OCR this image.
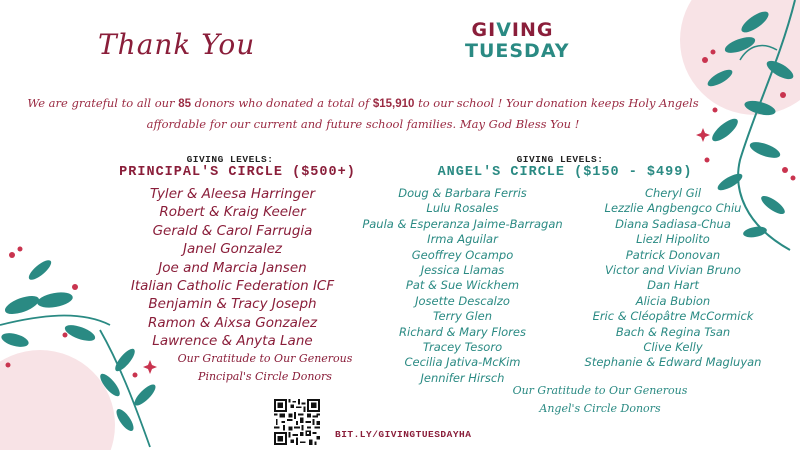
Thank You	GIVING
TUESDAY
We are grateful to all our 85 donors who donated a total of $15,910 to our school ! Your donation keeps Holy Angels affordable for our current and future school families. May God Bless You !
GIVING LEVELS:
PRINCIPAL'S CIRCLE ($500+)
Tyler & Aleesa Harringer
Robert & Kraig Keeler
Gerald & Carol Farrugia
Janel Gonzalez
Joe and Marcia Jansen
Italian Catholic Federation ICF
Benjamin & Tracy Joseph
Ramon & Aixsa Gonzalez
Lawrence & Anyta Lane
Our Gratitude to Our Generous
Pincipal's Circle Donors
GIVING LEVELS:
ANGEL'S CIRCLE ($150 - $499)
Doug & Barbara Ferris
Lulu Rosales
Paula & Esperanza Jaime-Barragan
Irma Aguilar
Geoffrey Ocampo
Jessica Llamas
Pat & Sue Wickhem
Josette Descalzo
Terry Glen
Richard & Mary Flores
Tracey Tesoro
Cecilia Jativa-McKim
Jennifer Hirsch
Cheryl Gil
Lezzlie Angbengco Chiu
Diana Sadiasa-Chua
Liezl Hipolito
Patrick Donovan
Victor and Vivian Bruno
Dan Hart
Alicia Bubion
Eric & Cléopâtre McCormick
Bach & Regina Tsan
Clive Kelly
Stephanie & Edward Magluyan
Our Gratitude to Our Generous
Angel's Circle Donors
BIT.LY/GIVINGTUESDAYHA
